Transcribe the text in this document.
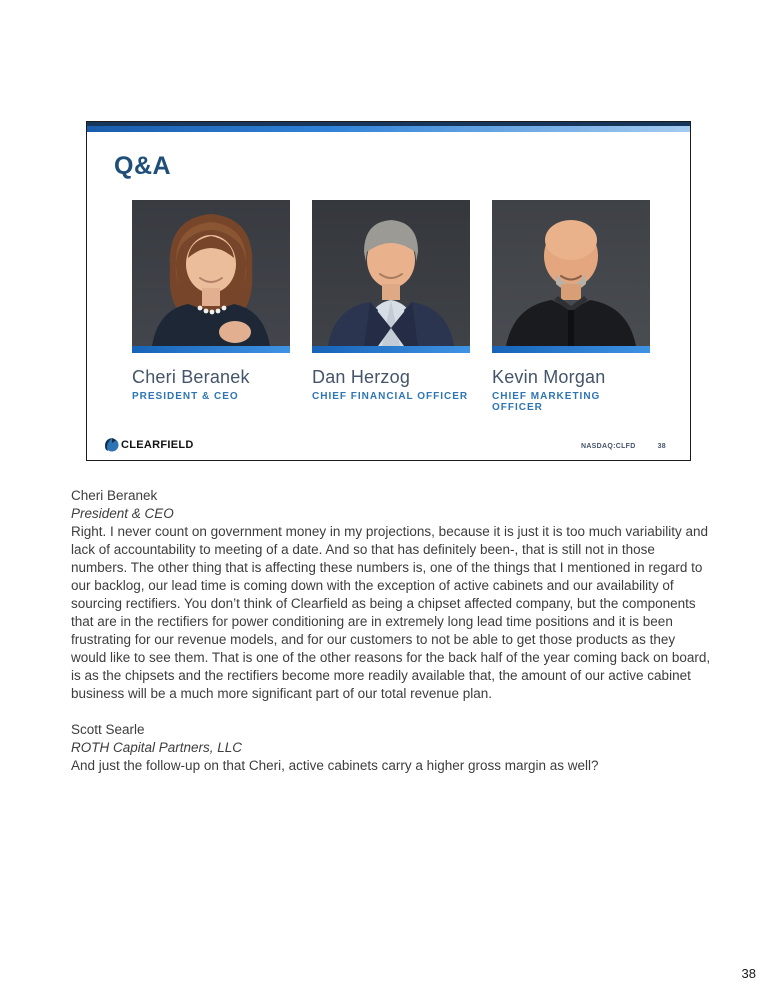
Q&A
Cheri Beranek
PRESIDENT & CEO
Dan Herzog
CHIEF FINANCIAL OFFICER
Kevin Morgan
CHIEF MARKETING OFFICER
CLEARFIELD	NASDAQ:CLFD	38
Cheri Beranek
President & CEO
Right. I never count on government money in my projections, because it is just it is too much variability and lack of accountability to meeting of a date. And so that has definitely been-, that is still not in those numbers. The other thing that is affecting these numbers is, one of the things that I mentioned in regard to our backlog, our lead time is coming down with the exception of active cabinets and our availability of sourcing rectifiers. You don’t think of Clearfield as being a chipset affected company, but the components that are in the rectifiers for power conditioning are in extremely long lead time positions and it is been frustrating for our revenue models, and for our customers to not be able to get those products as they would like to see them. That is one of the other reasons for the back half of the year coming back on board, is as the chipsets and the rectifiers become more readily available that, the amount of our active cabinet business will be a much more significant part of our total revenue plan.
Scott Searle
ROTH Capital Partners, LLC
And just the follow-up on that Cheri, active cabinets carry a higher gross margin as well?
38
